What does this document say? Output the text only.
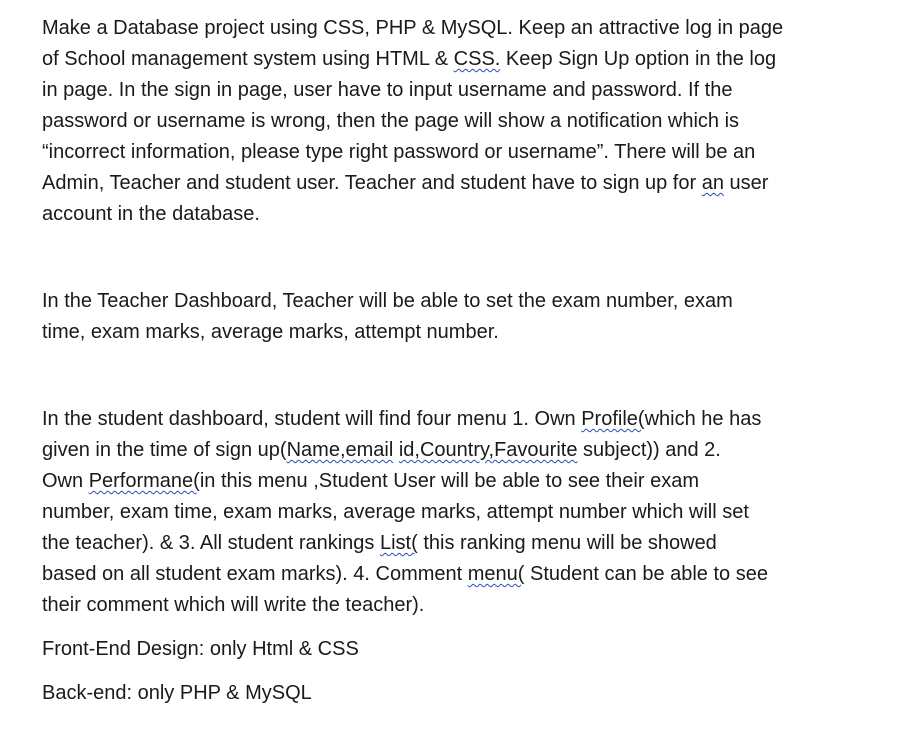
Make a Database project using CSS, PHP & MySQL. Keep an attractive log in page
of School management system using HTML & CSS. Keep Sign Up option in the log
in page. In the sign in page, user have to input username and password. If the
password or username is wrong, then the page will show a notification which is
“incorrect information, please type right password or username”. There will be an
Admin, Teacher and student user. Teacher and student have to sign up for an user
account in the database.
In the Teacher Dashboard, Teacher will be able to set the exam number, exam
time, exam marks, average marks, attempt number.
In the student dashboard, student will find four menu 1. Own Profile(which he has
given in the time of sign up(Name,email id,Country,Favourite subject)) and 2.
Own Performane(in this menu ,Student User will be able to see their exam
number, exam time, exam marks, average marks, attempt number which will set
the teacher). & 3. All student rankings List( this ranking menu will be showed
based on all student exam marks). 4. Comment menu( Student can be able to see
their comment which will write the teacher).
Front-End Design: only Html & CSS
Back-end: only PHP & MySQL
